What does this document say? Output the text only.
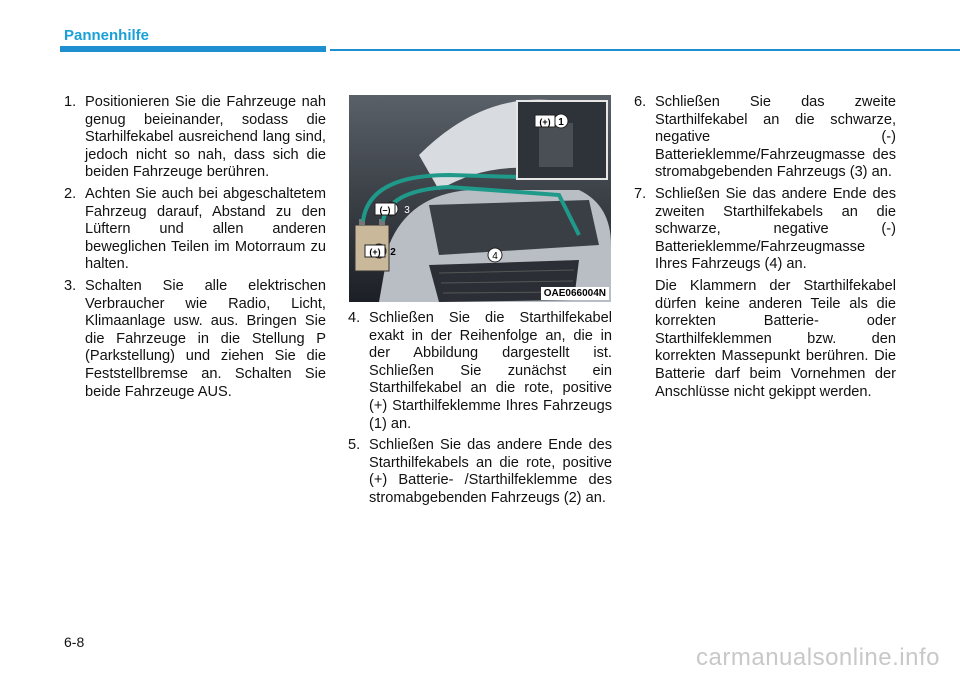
Pannenhilfe
1. Positionieren Sie die Fahrzeuge nah genug beieinander, sodass die Starhilfekabel ausreichend lang sind, jedoch nicht so nah, dass sich die beiden Fahrzeuge berühren.
2. Achten Sie auch bei abgeschaltetem Fahrzeug darauf, Abstand zu den Lüftern und allen anderen beweglichen Teilen im Motorraum zu halten.
3. Schalten Sie alle elektrischen Verbraucher wie Radio, Licht, Klimaanlage usw. aus. Bringen Sie die Fahrzeuge in die Stellung P (Parkstellung) und ziehen Sie die Feststellbremse an. Schalten Sie beide Fahrzeuge AUS.
(+) 1
(+) 2
(–) 3
4
OAE066004N
4. Schließen Sie die Starthilfekabel exakt in der Reihenfolge an, die in der Abbildung dargestellt ist. Schließen Sie zunächst ein Starthilfekabel an die rote, positive (+) Starthilfeklemme Ihres Fahrzeugs (1) an.
5. Schließen Sie das andere Ende des Starthilfekabels an die rote, positive (+) Batterie- /Starthilfeklemme des stromabgebenden Fahrzeugs (2) an.
6. Schließen Sie das zweite Starthilfekabel an die schwarze, negative (-) Batterieklemme/Fahrzeugmasse des stromabgebenden Fahrzeugs (3) an.
7. Schließen Sie das andere Ende des zweiten Starthilfekabels an die schwarze, negative (-) Batterieklemme/Fahrzeugmasse Ihres Fahrzeugs (4) an.

Die Klammern der Starthilfekabel dürfen keine anderen Teile als die korrekten Batterie- oder Starthilfeklemmen bzw. den korrekten Massepunkt berühren. Die Batterie darf beim Vornehmen der Anschlüsse nicht gekippt werden.

6-8
carmanualsonline.info
